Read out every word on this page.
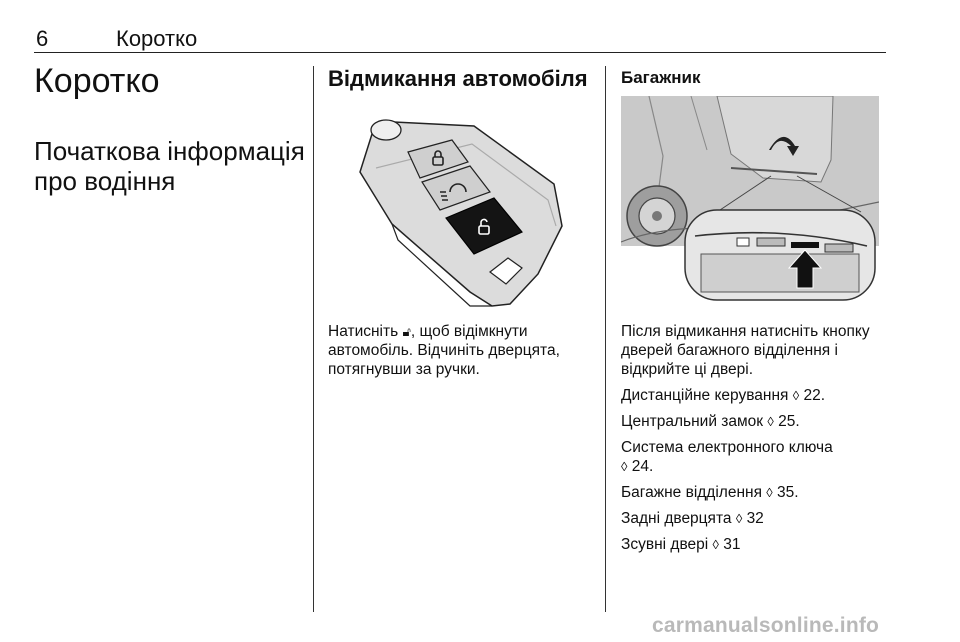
6	Коротко
Коротко
Початкова інформація про водіння
Відмикання автомобіля

Натисніть 🔓︎, щоб відімкнути автомобіль. Відчиніть дверцята, потягнувши за ручки.

Багажник

Після відмикання натисніть кнопку дверей багажного відділення і відкрийте ці двері.

Дистанційне керування ◊ 22.

Центральний замок ◊ 25.

Система електронного ключа
◊ 24.

Багажне відділення ◊ 35.

Задні дверцята ◊ 32

Зсувні двері ◊ 31

carmanualsonline.info
